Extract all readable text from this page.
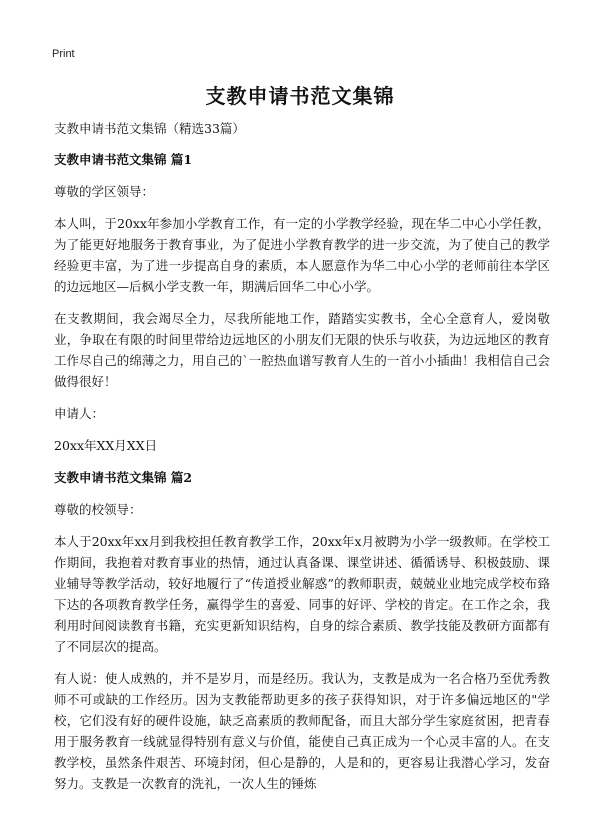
Print
支教申请书范文集锦

支教申请书范文集锦（精选33篇）

支教申请书范文集锦 篇1

尊敬的学区领导：

本人叫，于20xx年参加小学教育工作，有一定的小学教学经验，现在华二中心小学任教，为了能更好地服务于教育事业，为了促进小学教育教学的进一步交流，为了使自己的教学经验更丰富，为了进一步提高自身的素质，本人愿意作为华二中心小学的老师前往本学区的边远地区—后枫小学支教一年，期满后回华二中心小学。

在支教期间，我会竭尽全力，尽我所能地工作，踏踏实实教书，全心全意育人，爱岗敬业，争取在有限的时间里带给边远地区的小朋友们无限的快乐与收获，为边远地区的教育工作尽自己的绵薄之力，用自己的`一腔热血谱写教育人生的一首小小插曲！我相信自己会做得很好！

申请人：

20xx年XX月XX日

支教申请书范文集锦 篇2

尊敬的校领导：

本人于20xx年xx月到我校担任教育教学工作，20xx年x月被聘为小学一级教师。在学校工作期间，我抱着对教育事业的热情，通过认真备课、课堂讲述、循循诱导、积极鼓励、课业辅导等教学活动，较好地履行了“传道授业解惑”的教师职责，兢兢业业地完成学校布臵下达的各项教育教学任务，赢得学生的喜爱、同事的好评、学校的肯定。在工作之余，我利用时间阅读教育书籍，充实更新知识结构，自身的综合素质、教学技能及教研方面都有了不同层次的提高。

有人说：使人成熟的，并不是岁月，而是经历。我认为，支教是成为一名合格乃至优秀教师不可或缺的工作经历。因为支教能帮助更多的孩子获得知识，对于许多偏远地区的"学校，它们没有好的硬件设施，缺乏高素质的教师配备，而且大部分学生家庭贫困，把青春用于服务教育一线就显得特别有意义与价值，能使自己真正成为一个心灵丰富的人。在支教学校，虽然条件艰苦、环境封闭，但心是静的，人是和的，更容易让我潜心学习，发奋努力。支教是一次教育的洗礼，一次人生的锤炼
